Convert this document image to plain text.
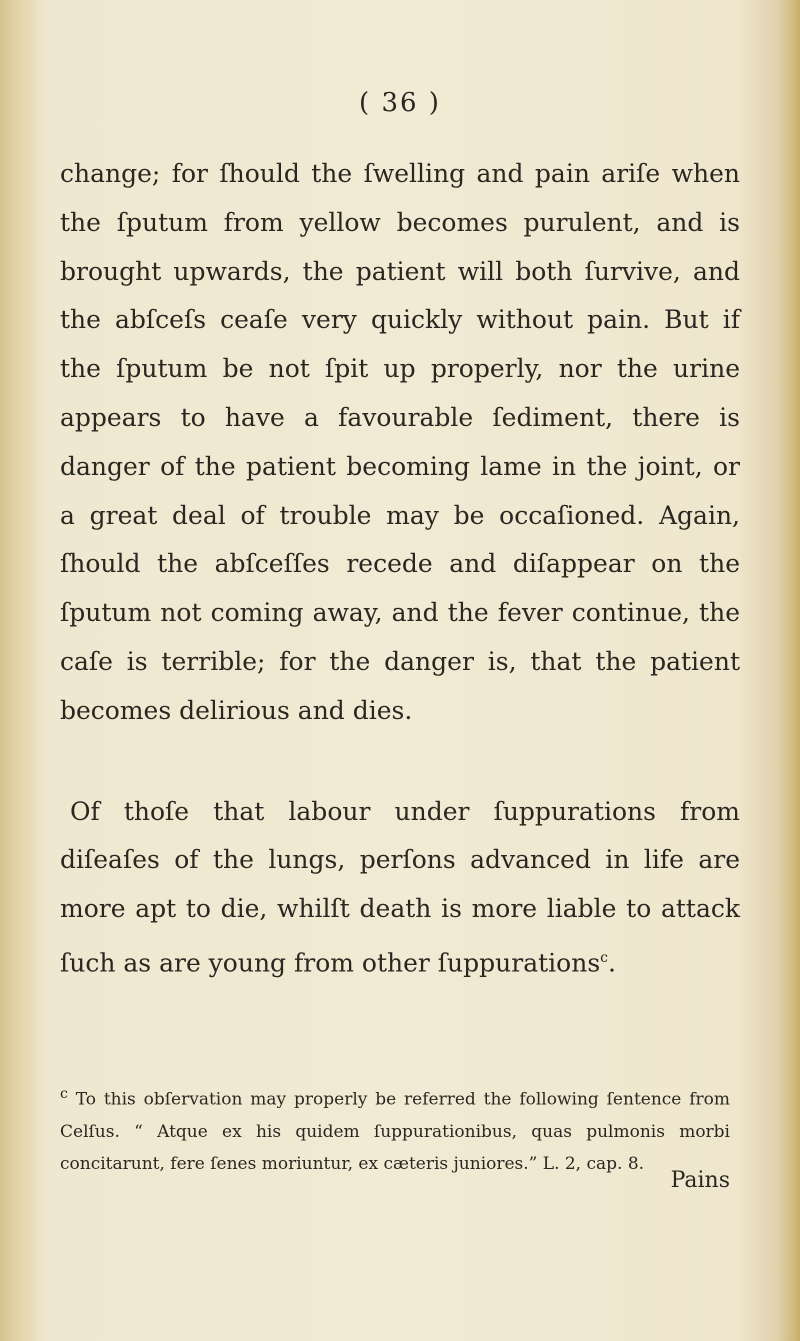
( 36 )

change; for ſhould the ſwelling and pain ariſe when the ſputum from yellow becomes purulent, and is brought upwards, the patient will both ſurvive, and the abſceſs ceaſe very quickly without pain. But if the ſputum be not ſpit up properly, nor the urine appears to have a favourable ſediment, there is danger of the patient becoming lame in the joint, or a great deal of trouble may be occaſioned. Again, ſhould the abſceſſes recede and diſappear on the ſputum not coming away, and the fever continue, the caſe is terrible; for the danger is, that the patient becomes delirious and dies.

Of thoſe that labour under ſuppurations from diſeaſes of the lungs, perſons advanced in life are more apt to die, whilſt death is more liable to attack ſuch as are young from other ſuppurations$^c$.

$^c$ To this obſervation may properly be referred the following ſentence from Celſus. “ Atque ex his quidem ſuppurationibus, quas pulmonis morbi concitarunt, fere ſenes moriuntur, ex cæteris juniores.” L. 2, cap. 8.
Pains
